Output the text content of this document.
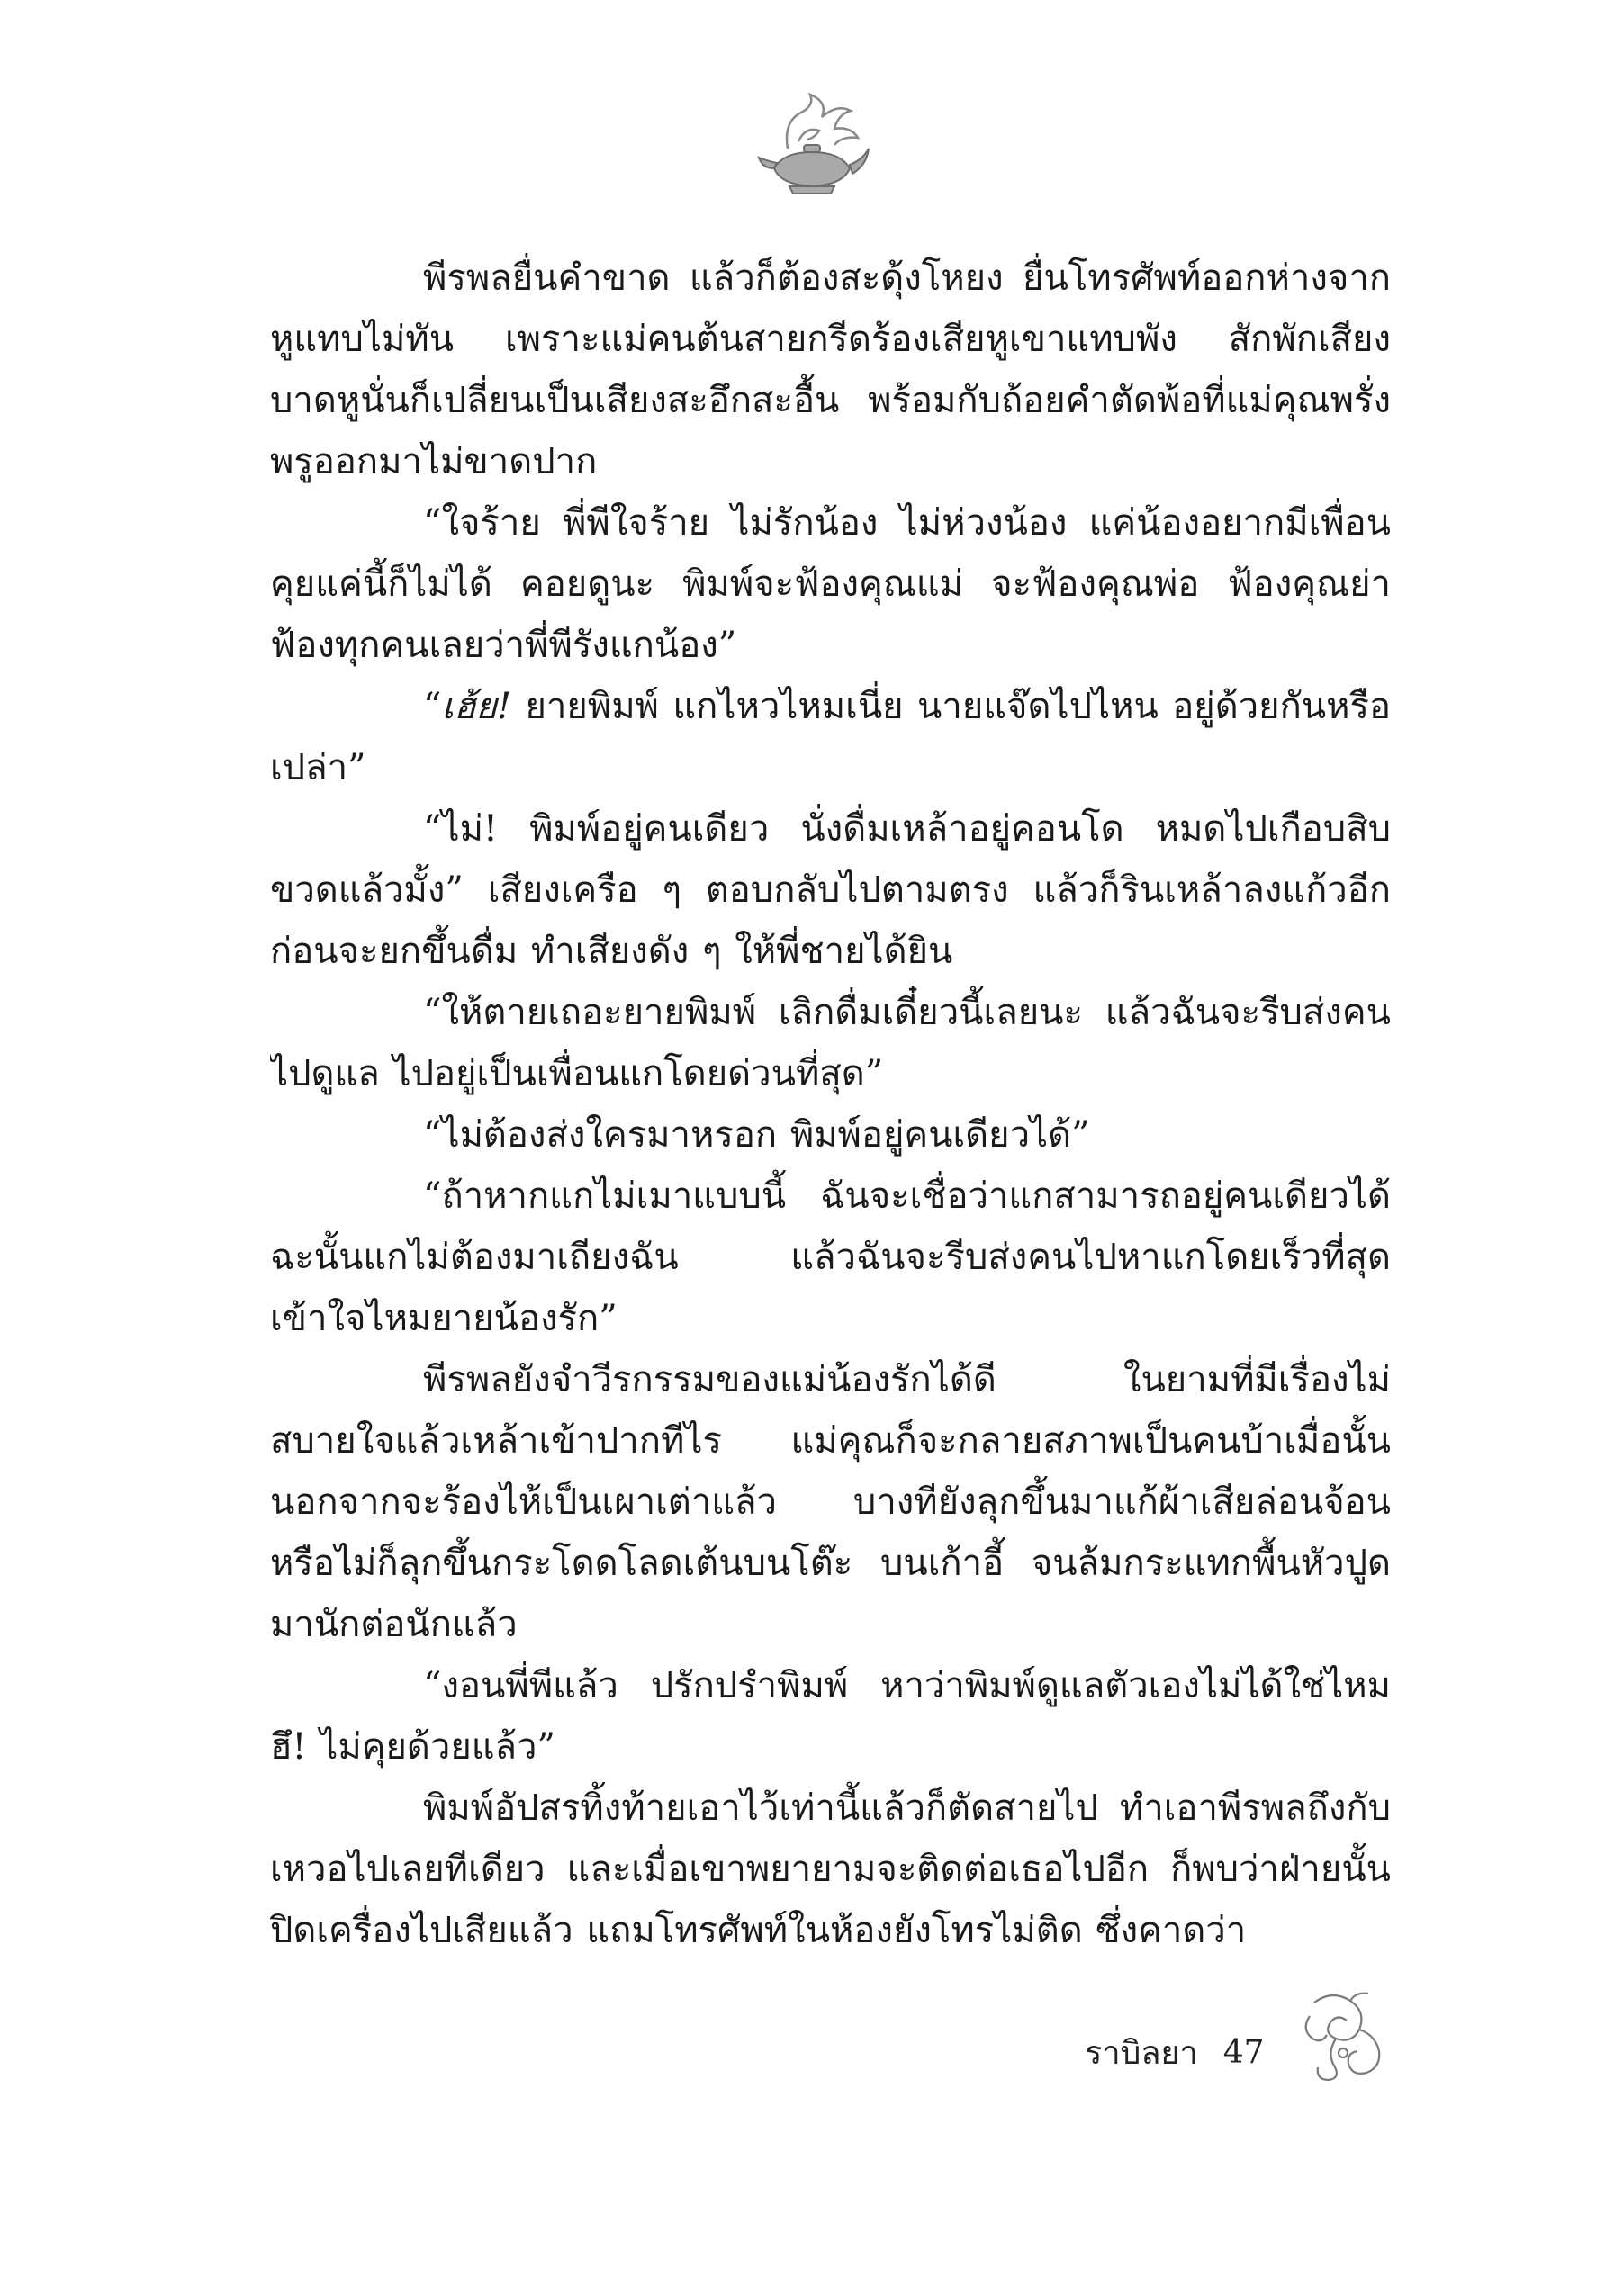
พีรพลยื่นคำขาด แล้วก็ต้องสะดุ้งโหยง ยื่นโทรศัพท์ออกห่างจากหูแทบไม่ทัน เพราะแม่คนต้นสายกรีดร้องเสียหูเขาแทบพัง สักพักเสียงบาดหูนั่นก็เปลี่ยนเป็นเสียงสะอึกสะอื้น พร้อมกับถ้อยคำตัดพ้อที่แม่คุณพรั่งพรูออกมาไม่ขาดปาก

“ใจร้าย พี่พีใจร้าย ไม่รักน้อง ไม่ห่วงน้อง แค่น้องอยากมีเพื่อนคุยแค่นี้ก็ไม่ได้ คอยดูนะ พิมพ์จะฟ้องคุณแม่ จะฟ้องคุณพ่อ ฟ้องคุณย่า ฟ้องทุกคนเลยว่าพี่พีรังแกน้อง”

“เฮ้ย! ยายพิมพ์ แกไหวไหมเนี่ย นายแจ๊ดไปไหน อยู่ด้วยกันหรือเปล่า”

“ไม่! พิมพ์อยู่คนเดียว นั่งดื่มเหล้าอยู่คอนโด หมดไปเกือบสิบขวดแล้วมั้ง” เสียงเครือ ๆ ตอบกลับไปตามตรง แล้วก็รินเหล้าลงแก้วอีก ก่อนจะยกขึ้นดื่ม ทำเสียงดัง ๆ ให้พี่ชายได้ยิน

“ให้ตายเถอะยายพิมพ์ เลิกดื่มเดี๋ยวนี้เลยนะ แล้วฉันจะรีบส่งคนไปดูแล ไปอยู่เป็นเพื่อนแกโดยด่วนที่สุด”

“ไม่ต้องส่งใครมาหรอก พิมพ์อยู่คนเดียวได้”

“ถ้าหากแกไม่เมาแบบนี้ ฉันจะเชื่อว่าแกสามารถอยู่คนเดียวได้ ฉะนั้นแกไม่ต้องมาเถียงฉัน แล้วฉันจะรีบส่งคนไปหาแกโดยเร็วที่สุด เข้าใจไหมยายน้องรัก”

พีรพลยังจำวีรกรรมของแม่น้องรักได้ดี ในยามที่มีเรื่องไม่สบายใจแล้วเหล้าเข้าปากทีไร แม่คุณก็จะกลายสภาพเป็นคนบ้าเมื่อนั้น นอกจากจะร้องไห้เป็นเผาเต่าแล้ว บางทียังลุกขึ้นมาแก้ผ้าเสียล่อนจ้อน หรือไม่ก็ลุกขึ้นกระโดดโลดเต้นบนโต๊ะ บนเก้าอี้ จนล้มกระแทกพื้นหัวปูดมานักต่อนักแล้ว

“งอนพี่พีแล้ว ปรักปรำพิมพ์ หาว่าพิมพ์ดูแลตัวเองไม่ได้ใช่ไหม ฮึ! ไม่คุยด้วยแล้ว”

พิมพ์อัปสรทิ้งท้ายเอาไว้เท่านี้แล้วก็ตัดสายไป ทำเอาพีรพลถึงกับเหวอไปเลยทีเดียว และเมื่อเขาพยายามจะติดต่อเธอไปอีก ก็พบว่าฝ่ายนั้นปิดเครื่องไปเสียแล้ว แถมโทรศัพท์ในห้องยังโทรไม่ติด ซึ่งคาดว่า

ราบิลยา 47
